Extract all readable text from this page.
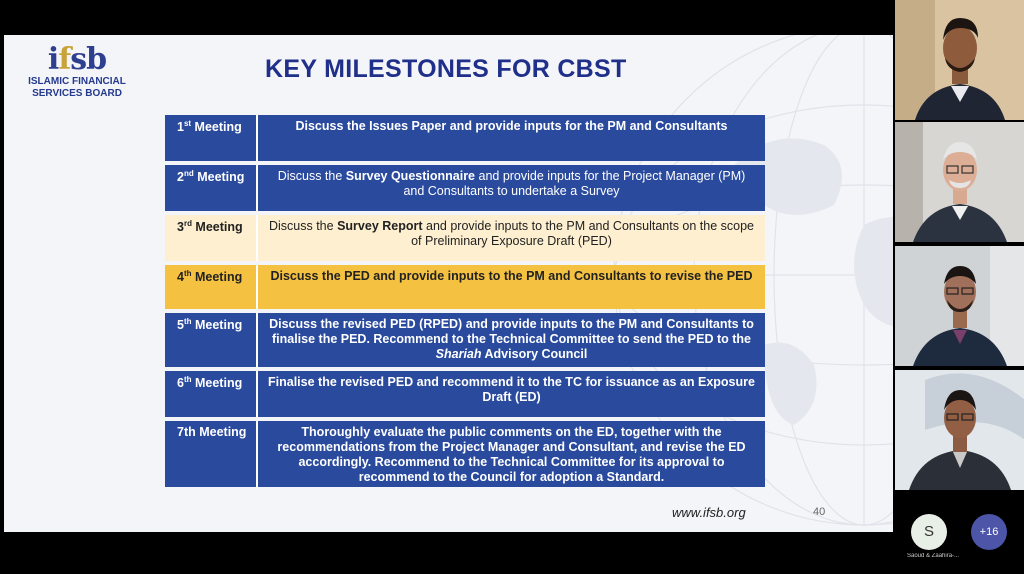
ifsb
ISLAMIC FINANCIAL
SERVICES BOARD
KEY MILESTONES FOR CBST
1st Meeting	Discuss the Issues Paper and provide inputs for the PM and Consultants
2nd Meeting	Discuss the Survey Questionnaire and provide inputs for the Project Manager (PM) and Consultants to undertake a Survey
3rd Meeting	Discuss the Survey Report and provide inputs to the PM and Consultants on the scope of Preliminary Exposure Draft (PED)
4th Meeting	Discuss the PED and provide inputs to the PM and Consultants to revise the PED
5th Meeting	Discuss the revised PED (RPED) and provide inputs to the PM and Consultants to finalise the PED. Recommend to the Technical Committee to send the PED to the Shariah Advisory Council
6th Meeting	Finalise the revised PED and recommend it to the TC for issuance as an Exposure Draft (ED)
7th Meeting	Thoroughly evaluate the public comments on the ED, together with the recommendations from the Project Manager and Consultant, and revise the ED accordingly. Recommend to the Technical Committee for its approval to recommend to the Council for adoption a Standard.
www.ifsb.org	40
S
Saoud & Zaahira-...
+16
